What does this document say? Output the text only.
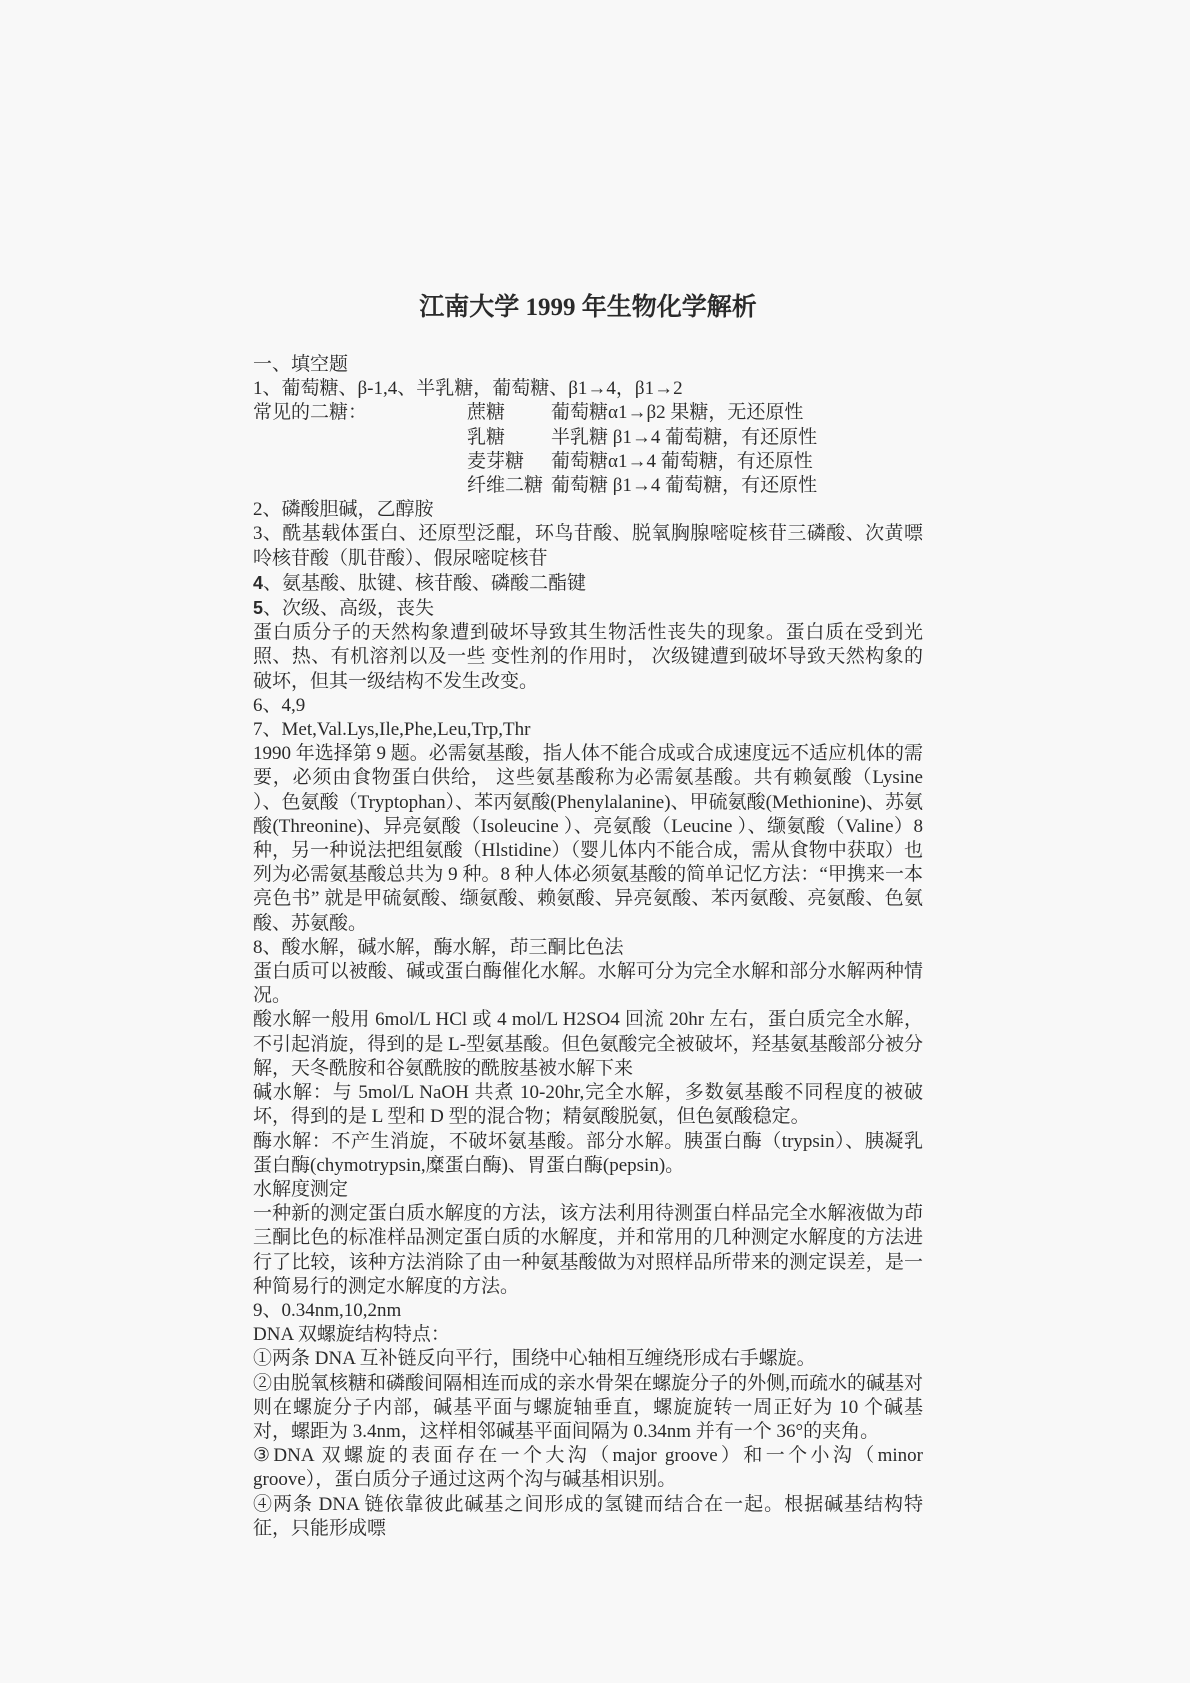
江南大学 1999 年生物化学解析
一、填空题
1、葡萄糖、β-1,4、半乳糖，葡萄糖、β1→4，β1→2
常见的二糖：	蔗糖 葡萄糖α1→β2 果糖，无还原性
乳糖 半乳糖 β1→4 葡萄糖，有还原性
麦芽糖 葡萄糖α1→4 葡萄糖，有还原性
纤维二糖 葡萄糖 β1→4 葡萄糖，有还原性
2、磷酸胆碱，乙醇胺
3、酰基载体蛋白、还原型泛醌，环鸟苷酸、脱氧胸腺嘧啶核苷三磷酸、次黄嘌呤核苷酸（肌苷酸）、假尿嘧啶核苷
4、氨基酸、肽键、核苷酸、磷酸二酯键
5、次级、高级，丧失
蛋白质分子的天然构象遭到破坏导致其生物活性丧失的现象。蛋白质在受到光照、热、有机溶剂以及一些 变性剂的作用时， 次级键遭到破坏导致天然构象的破坏，但其一级结构不发生改变。
6、4,9
7、Met,Val.Lys,Ile,Phe,Leu,Trp,Thr
1990 年选择第 9 题。必需氨基酸，指人体不能合成或合成速度远不适应机体的需要，必须由食物蛋白供给， 这些氨基酸称为必需氨基酸。共有赖氨酸（Lysine ）、色氨酸（Tryptophan）、苯丙氨酸(Phenylalanine)、甲硫氨酸(Methionine)、苏氨酸(Threonine)、异亮氨酸（Isoleucine ）、亮氨酸（Leucine ）、缬氨酸（Valine）8 种，另一种说法把组氨酸（Hlstidine）（婴儿体内不能合成，需从食物中获取）也列为必需氨基酸总共为 9 种。8 种人体必须氨基酸的简单记忆方法：“甲携来一本亮色书” 就是甲硫氨酸、缬氨酸、赖氨酸、异亮氨酸、苯丙氨酸、亮氨酸、色氨酸、苏氨酸。
8、酸水解，碱水解，酶水解，茚三酮比色法
蛋白质可以被酸、碱或蛋白酶催化水解。水解可分为完全水解和部分水解两种情况。
酸水解一般用 6mol/L HCl 或 4 mol/L H2SO4 回流 20hr 左右，蛋白质完全水解，不引起消旋，得到的是 L-型氨基酸。但色氨酸完全被破坏，羟基氨基酸部分被分解，天冬酰胺和谷氨酰胺的酰胺基被水解下来
碱水解：与 5mol/L NaOH 共煮 10-20hr,完全水解，多数氨基酸不同程度的被破坏，得到的是 L 型和 D 型的混合物；精氨酸脱氨，但色氨酸稳定。
酶水解：不产生消旋，不破坏氨基酸。部分水解。胰蛋白酶（trypsin）、胰凝乳蛋白酶(chymotrypsin,糜蛋白酶)、胃蛋白酶(pepsin)。
水解度测定
一种新的测定蛋白质水解度的方法，该方法利用待测蛋白样品完全水解液做为茚三酮比色的标准样品测定蛋白质的水解度，并和常用的几种测定水解度的方法进行了比较，该种方法消除了由一种氨基酸做为对照样品所带来的测定误差，是一种简易行的测定水解度的方法。
9、0.34nm,10,2nm
DNA 双螺旋结构特点：
①两条 DNA 互补链反向平行，围绕中心轴相互缠绕形成右手螺旋。
②由脱氧核糖和磷酸间隔相连而成的亲水骨架在螺旋分子的外侧,而疏水的碱基对则在螺旋分子内部，碱基平面与螺旋轴垂直，螺旋旋转一周正好为 10 个碱基对，螺距为 3.4nm，这样相邻碱基平面间隔为 0.34nm 并有一个 36°的夹角。
③DNA 双螺旋的表面存在一个大沟（major groove）和一个小沟（minor groove），蛋白质分子通过这两个沟与碱基相识别。
④两条 DNA 链依靠彼此碱基之间形成的氢键而结合在一起。根据碱基结构特征，只能形成嘌
